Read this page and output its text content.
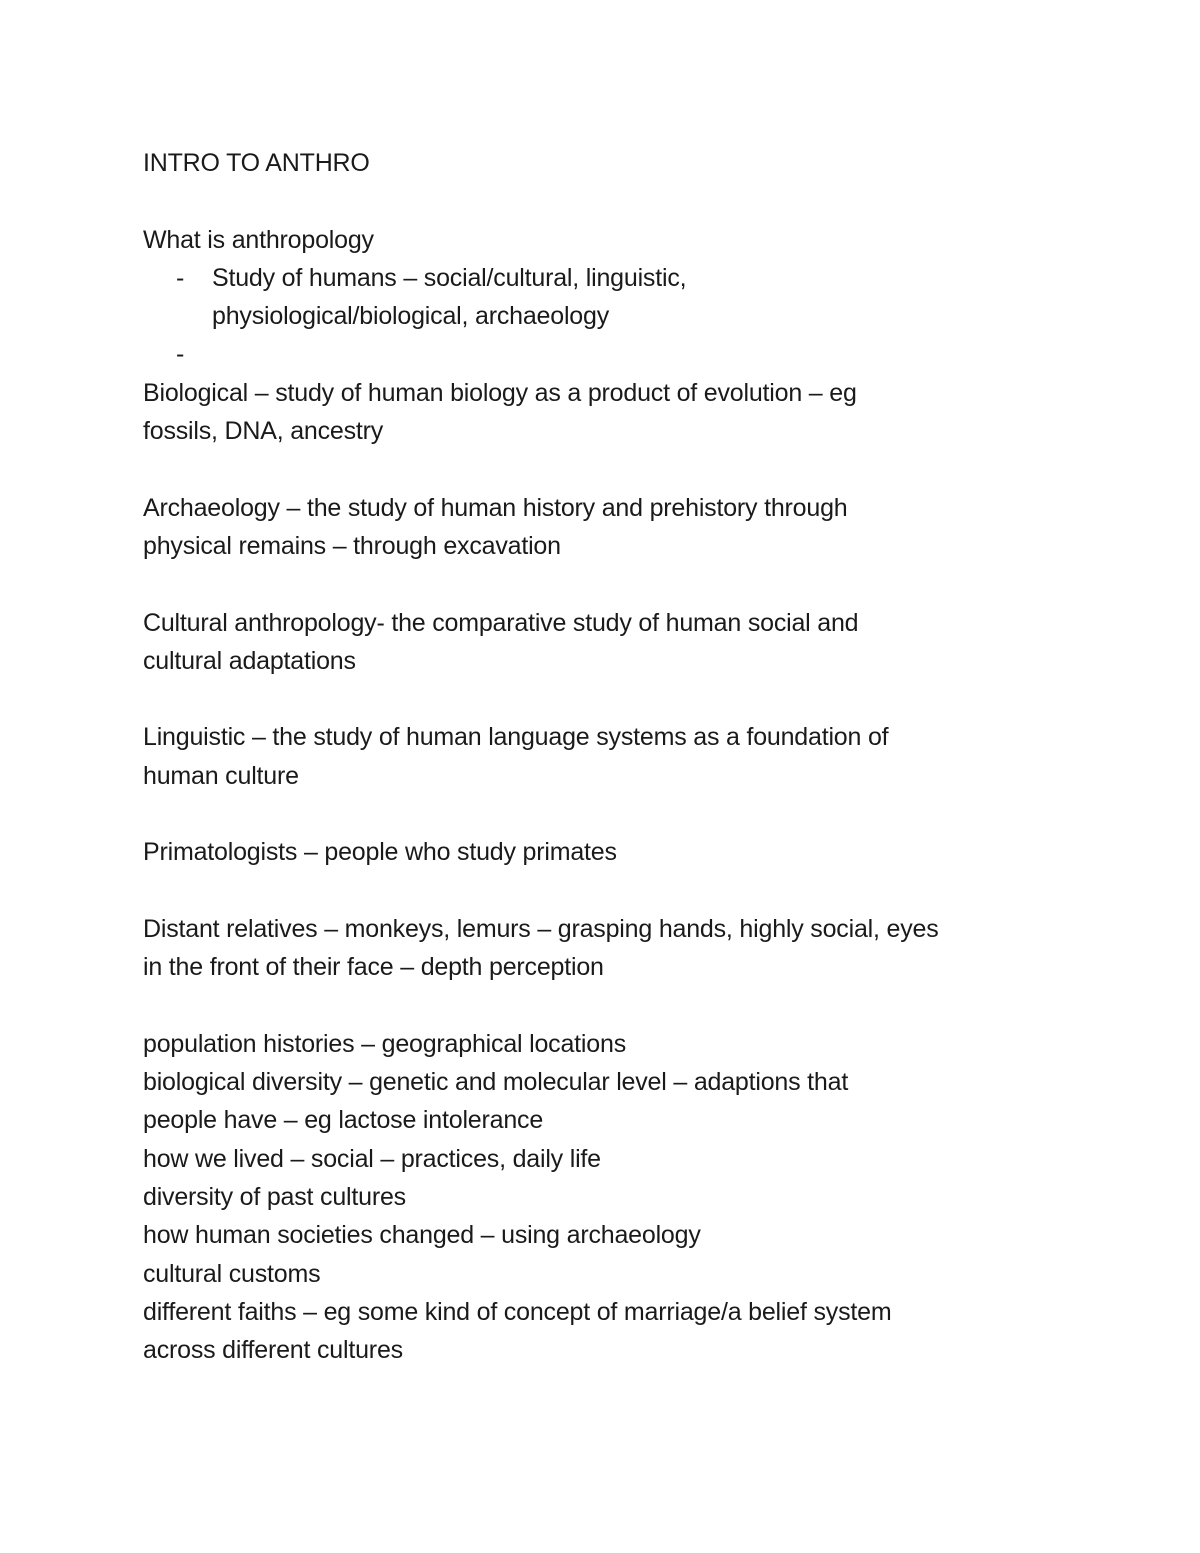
INTRO TO ANTHRO
What is anthropology
- Study of humans – social/cultural, linguistic, physiological/biological, archaeology
-
Biological – study of human biology as a product of evolution – eg
fossils, DNA, ancestry
Archaeology – the study of human history and prehistory through
physical remains – through excavation
Cultural anthropology- the comparative study of human social and
cultural adaptations
Linguistic – the study of human language systems as a foundation of
human culture
Primatologists – people who study primates
Distant relatives – monkeys, lemurs – grasping hands, highly social, eyes
in the front of their face – depth perception
population histories – geographical locations
biological diversity – genetic and molecular level – adaptions that
people have – eg lactose intolerance
how we lived – social – practices, daily life
diversity of past cultures
how human societies changed – using archaeology
cultural customs
different faiths – eg some kind of concept of marriage/a belief system
across different cultures
